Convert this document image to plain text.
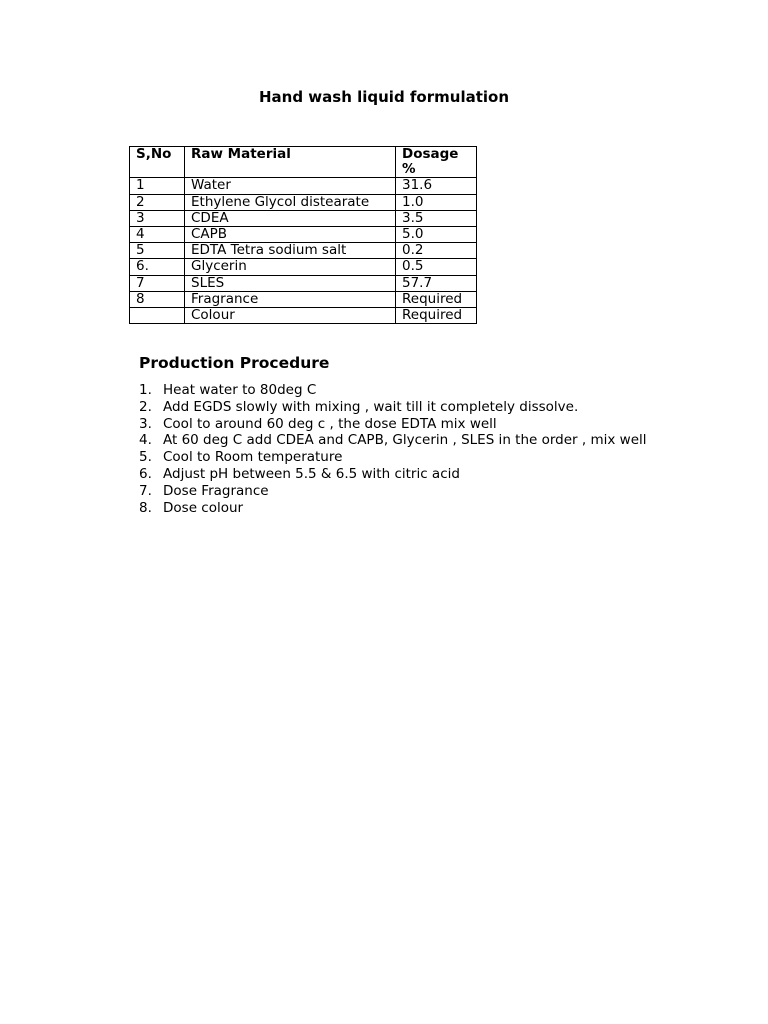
Hand wash liquid formulation
S,No	Raw Material	Dosage %
1	Water	31.6
2	Ethylene Glycol distearate	1.0
3	CDEA	3.5
4	CAPB	5.0
5	EDTA Tetra sodium salt	0.2
6.	Glycerin	0.5
7	SLES	57.7
8	Fragrance	Required
	Colour	Required
Production Procedure
1. Heat water to 80deg C
2. Add EGDS slowly with mixing , wait till it completely dissolve.
3. Cool to around 60 deg c , the dose EDTA mix well
4. At 60 deg C add CDEA and CAPB, Glycerin , SLES in the order , mix well
5. Cool to Room temperature
6. Adjust pH between 5.5 & 6.5 with citric acid
7. Dose Fragrance
8. Dose colour
